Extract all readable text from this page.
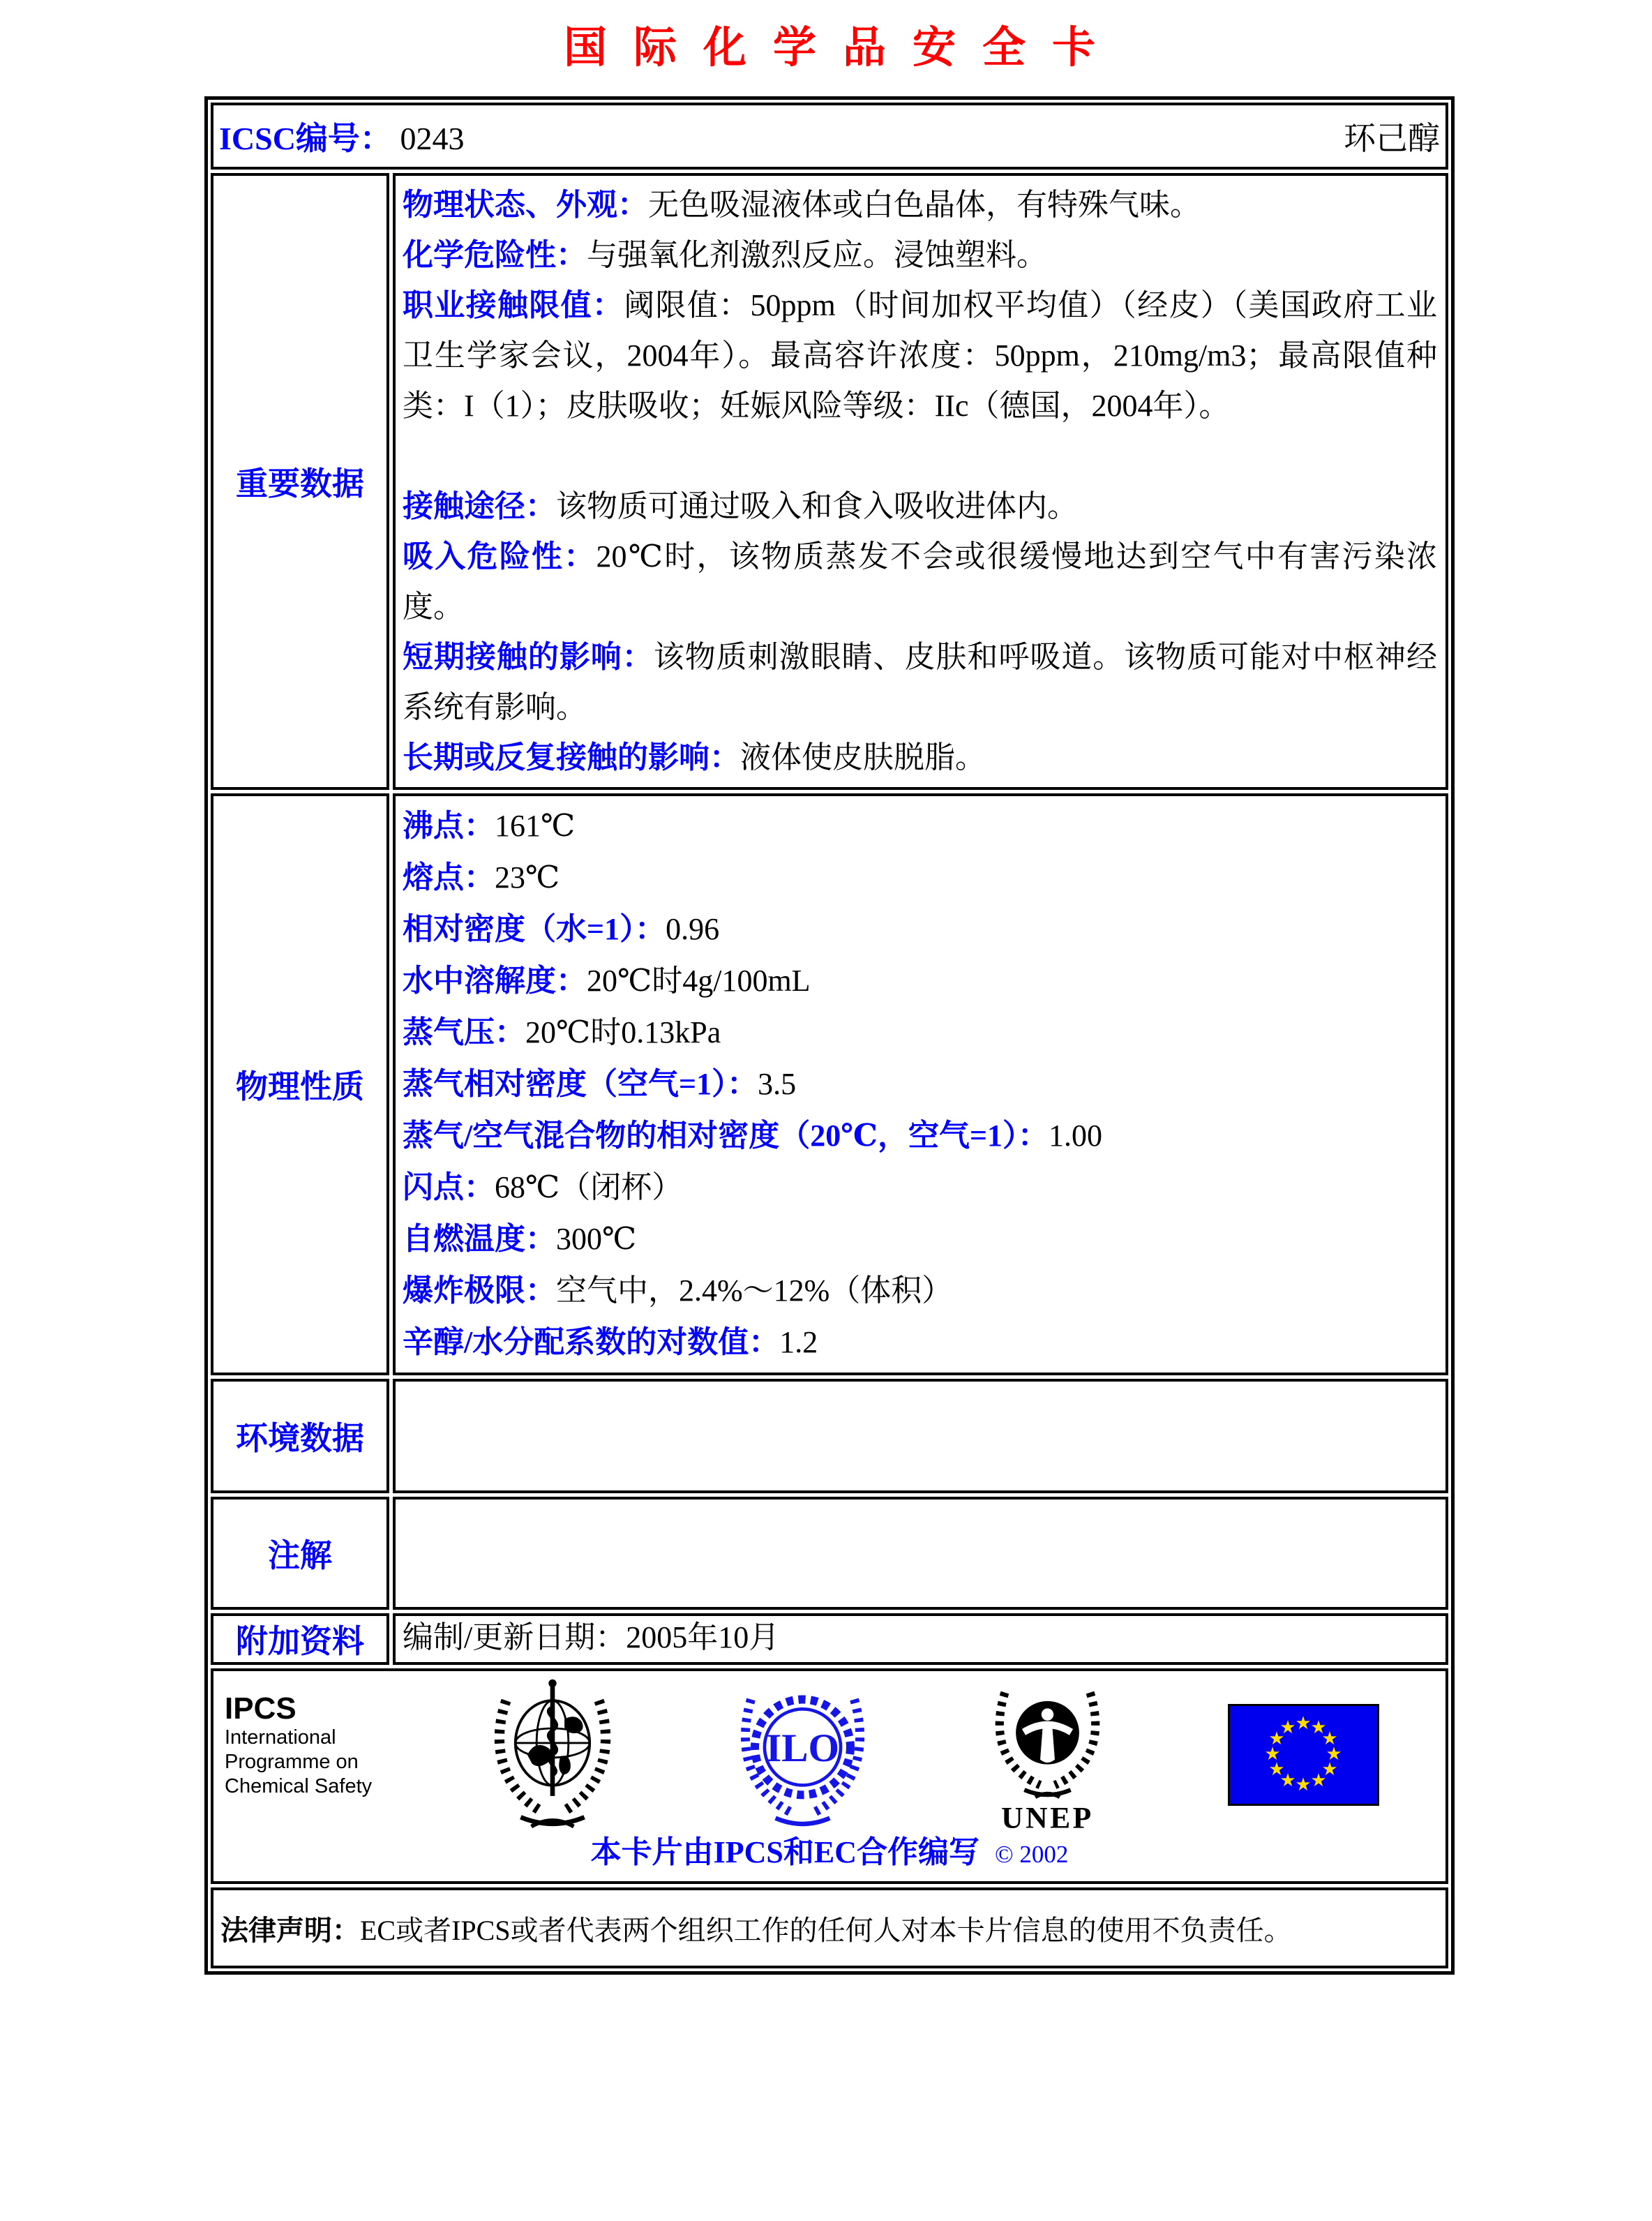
国际化学品安全卡
ICSC编号： 0243	环己醇
重要数据

物理状态、外观：无色吸湿液体或白色晶体，有特殊气味。

化学危险性：与强氧化剂激烈反应。浸蚀塑料。

职业接触限值：阈限值：50ppm（时间加权平均值）（经皮）（美国政府工业卫生学家会议，2004年）。最高容许浓度：50ppm，210mg/m3；最高限值种类：I（1）；皮肤吸收；妊娠风险等级：IIc（德国，2004年）。

接触途径：该物质可通过吸入和食入吸收进体内。

吸入危险性：20℃时，该物质蒸发不会或很缓慢地达到空气中有害污染浓度。

短期接触的影响：该物质刺激眼睛、皮肤和呼吸道。该物质可能对中枢神经系统有影响。

长期或反复接触的影响：液体使皮肤脱脂。

物理性质

沸点：161℃

熔点：23℃

相对密度（水=1）：0.96

水中溶解度：20℃时4g/100mL

蒸气压：20℃时0.13kPa

蒸气相对密度（空气=1）：3.5

蒸气/空气混合物的相对密度（20℃，空气=1）：1.00

闪点：68℃（闭杯）

自燃温度：300℃

爆炸极限：空气中，2.4%～12%（体积）

辛醇/水分配系数的对数值：1.2

环境数据
注解
附加资料	编制/更新日期：2005年10月
IPCS
International
Programme on
Chemical Safety
ILO
UNEP
★
★
★
★
★
★
★
★
★
★
★
★
本卡片由IPCS和EC合作编写 © 2002
法律声明：EC或者IPCS或者代表两个组织工作的任何人对本卡片信息的使用不负责任。
